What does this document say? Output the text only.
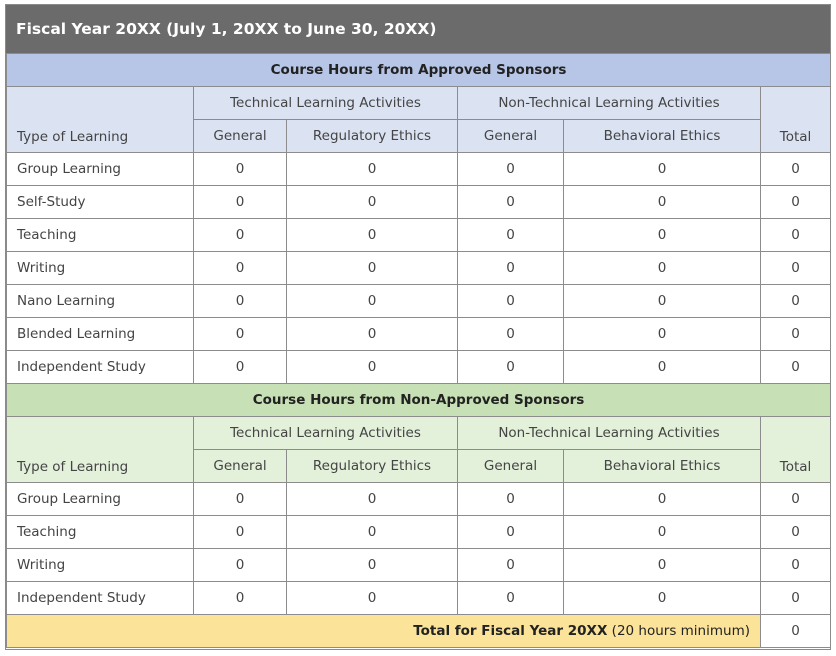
Fiscal Year 20XX (July 1, 20XX to June 30, 20XX)
Course Hours from Approved Sponsors					
Type of Learning	Technical Learning Activities		Non-Technical Learning Activities		Total
	General	Regulatory Ethics	General	Behavioral Ethics	
Group Learning	0	0	0	0	0
Self-Study	0	0	0	0	0
Teaching	0	0	0	0	0
Writing	0	0	0	0	0
Nano Learning	0	0	0	0	0
Blended Learning	0	0	0	0	0
Independent Study	0	0	0	0	0
Course Hours from Non-Approved Sponsors					
Type of Learning	Technical Learning Activities		Non-Technical Learning Activities		Total
	General	Regulatory Ethics	General	Behavioral Ethics	
Group Learning	0	0	0	0	0
Teaching	0	0	0	0	0
Writing	0	0	0	0	0
Independent Study	0	0	0	0	0
Total for Fiscal Year 20XX (20 hours minimum)					0
